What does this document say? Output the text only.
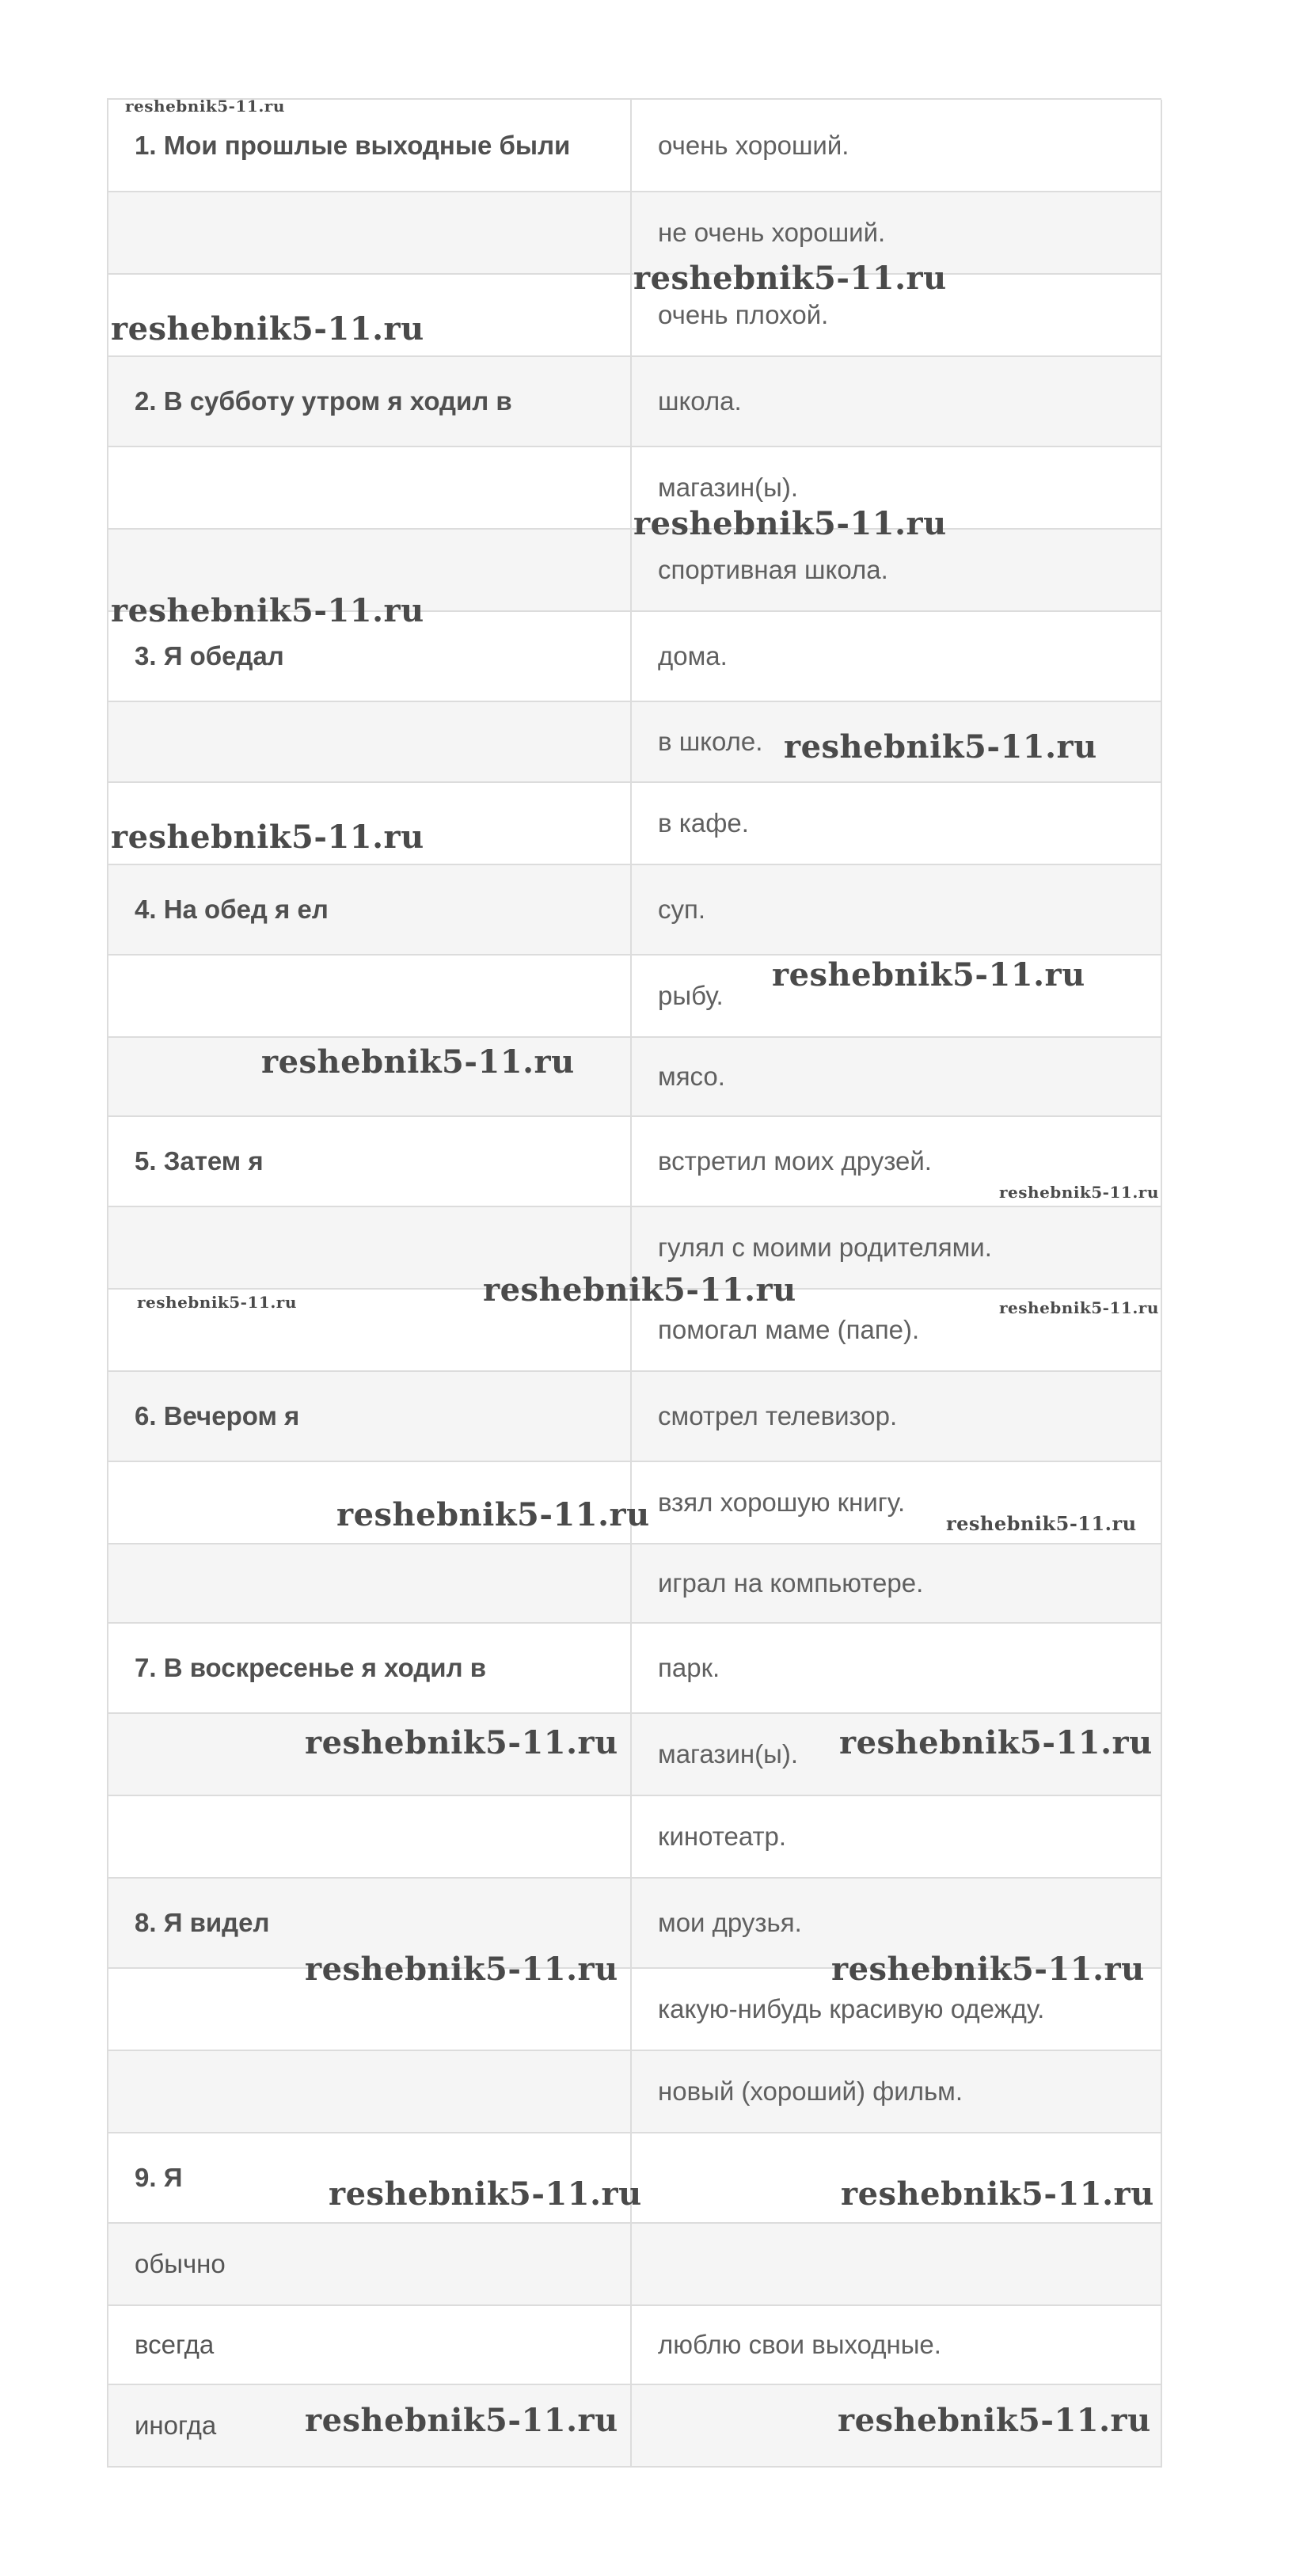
1. Мои прошлые выходные были	очень хороший.
	не очень хороший.
	очень плохой.
2. В субботу утром я ходил в	школа.
	магазин(ы).
	спортивная школа.
3. Я обедал	дома.
	в школе.
	в кафе.
4. На обед я ел	суп.
	рыбу.
	мясо.
5. Затем я	встретил моих друзей.
	гулял с моими родителями.
	помогал маме (папе).
6. Вечером я	смотрел телевизор.
	взял хорошую книгу.
	играл на компьютере.
7. В воскресенье я ходил в	парк.
	магазин(ы).
	кинотеатр.
8. Я видел	мои друзья.
	какую-нибудь красивую одежду.
	новый (хороший) фильм.
9. Я	
обычно	
всегда	люблю свои выходные.
иногда	
reshebnik5-11.ru
reshebnik5-11.ru
reshebnik5-11.ru
reshebnik5-11.ru
reshebnik5-11.ru
reshebnik5-11.ru
reshebnik5-11.ru
reshebnik5-11.ru
reshebnik5-11.ru
reshebnik5-11.ru
reshebnik5-11.ru	reshebnik5-11.ru	reshebnik5-11.ru
reshebnik5-11.ru	reshebnik5-11.ru
reshebnik5-11.ru	reshebnik5-11.ru
reshebnik5-11.ru	reshebnik5-11.ru
reshebnik5-11.ru	reshebnik5-11.ru
reshebnik5-11.ru	reshebnik5-11.ru
